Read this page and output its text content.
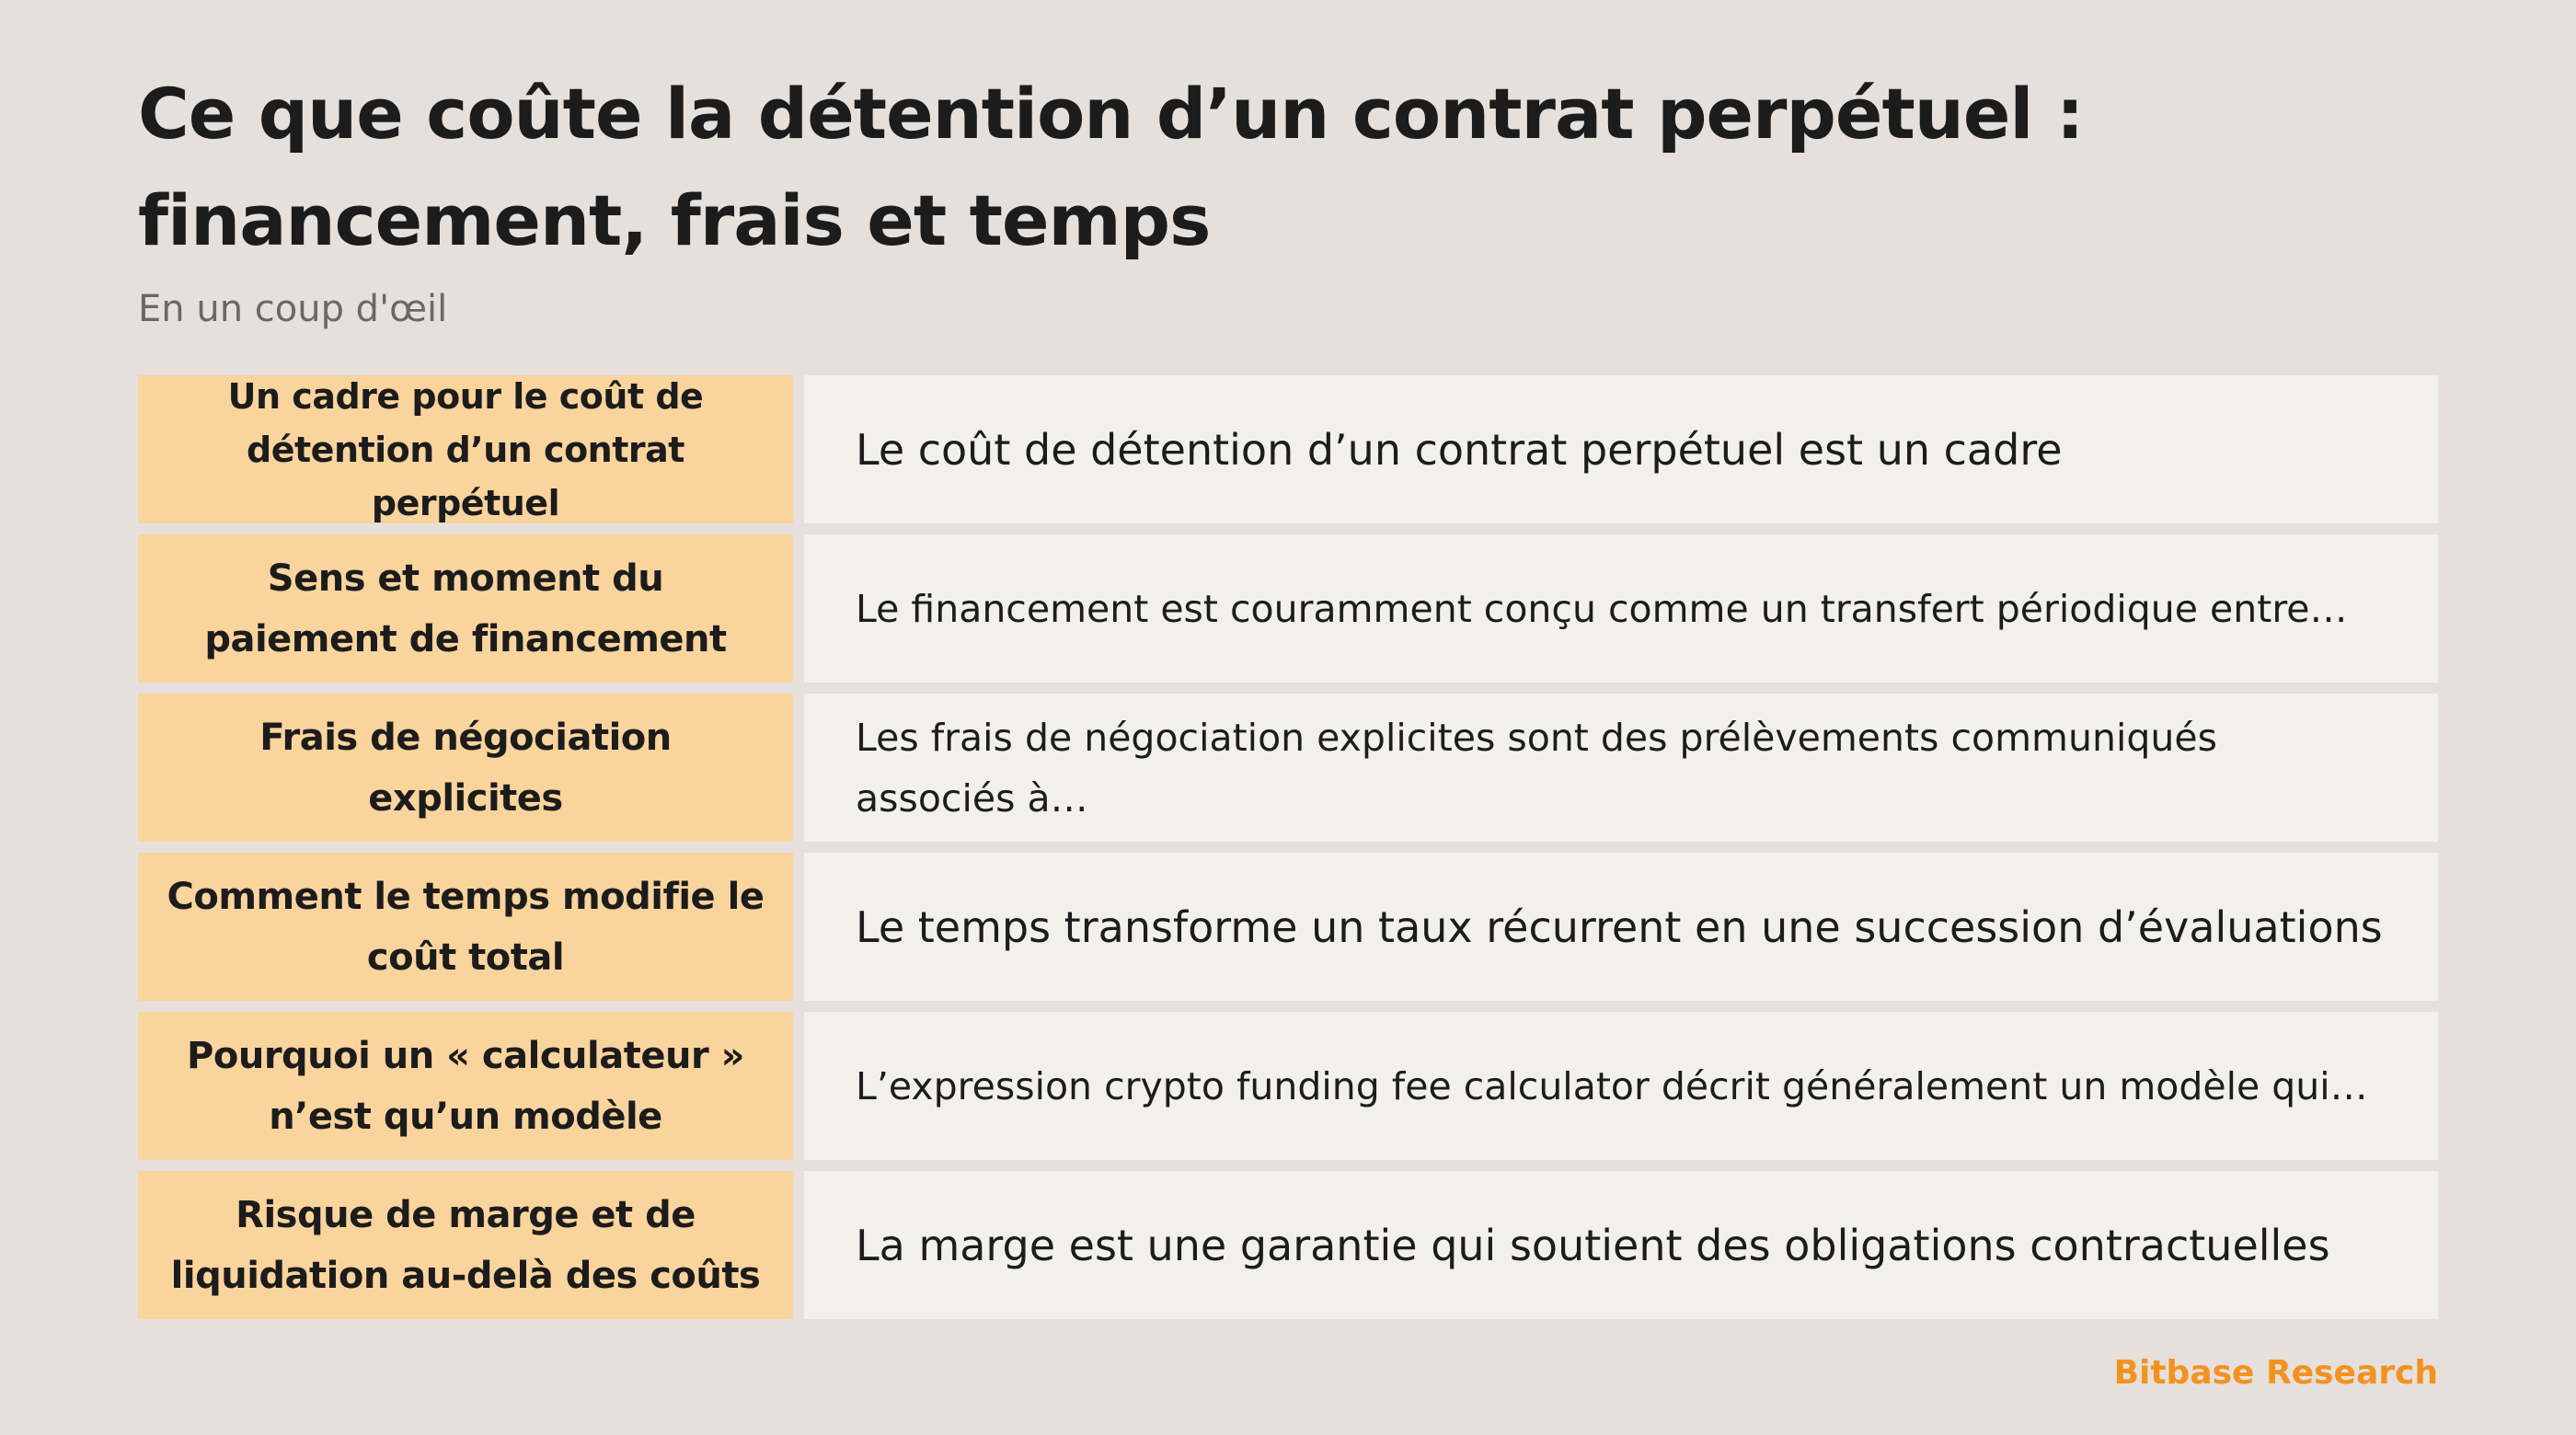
Ce que coûte la détention d’un contrat perpétuel : financement, frais et temps

En un coup d'œil

Un cadre pour le coût de détention d’un contrat perpétuel
Le coût de détention d’un contrat perpétuel est un cadre
Sens et moment du paiement de financement
Le financement est couramment conçu comme un transfert périodique entre…
Frais de négociation explicites
Les frais de négociation explicites sont des prélèvements communiqués associés à…
Comment le temps modifie le coût total
Le temps transforme un taux récurrent en une succession d’évaluations
Pourquoi un « calculateur » n’est qu’un modèle
L’expression crypto funding fee calculator décrit généralement un modèle qui…
Risque de marge et de liquidation au-delà des coûts
La marge est une garantie qui soutient des obligations contractuelles

Bitbase Research
